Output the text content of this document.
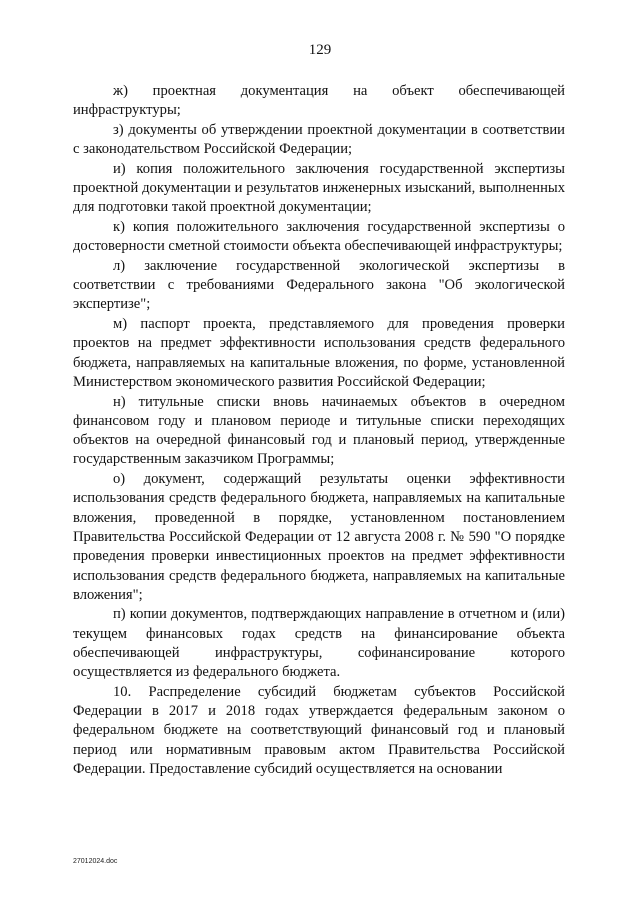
129

ж) проектная документация на объект обеспечивающей инфраструктуры;

з) документы об утверждении проектной документации в соответствии с законодательством Российской Федерации;

и) копия положительного заключения государственной экспертизы проектной документации и результатов инженерных изысканий, выполненных для подготовки такой проектной документации;

к) копия положительного заключения государственной экспертизы о достоверности сметной стоимости объекта обеспечивающей инфраструктуры;

л) заключение государственной экологической экспертизы в соответствии с требованиями Федерального закона "Об экологической экспертизе";

м) паспорт проекта, представляемого для проведения проверки проектов на предмет эффективности использования средств федерального бюджета, направляемых на капитальные вложения, по форме, установленной Министерством экономического развития Российской Федерации;

н) титульные списки вновь начинаемых объектов в очередном финансовом году и плановом периоде и титульные списки переходящих объектов на очередной финансовый год и плановый период, утвержденные государственным заказчиком Программы;

о) документ, содержащий результаты оценки эффективности использования средств федерального бюджета, направляемых на капитальные вложения, проведенной в порядке, установленном постановлением Правительства Российской Федерации от 12 августа 2008 г. № 590 "О порядке проведения проверки инвестиционных проектов на предмет эффективности использования средств федерального бюджета, направляемых на капитальные вложения";

п) копии документов, подтверждающих направление в отчетном и (или) текущем финансовых годах средств на финансирование объекта обеспечивающей инфраструктуры, софинансирование которого осуществляется из федерального бюджета.

10. Распределение субсидий бюджетам субъектов Российской Федерации в 2017 и 2018 годах утверждается федеральным законом о федеральном бюджете на соответствующий финансовый год и плановый период или нормативным правовым актом Правительства Российской Федерации. Предоставление субсидий осуществляется на основании

27012024.doc
